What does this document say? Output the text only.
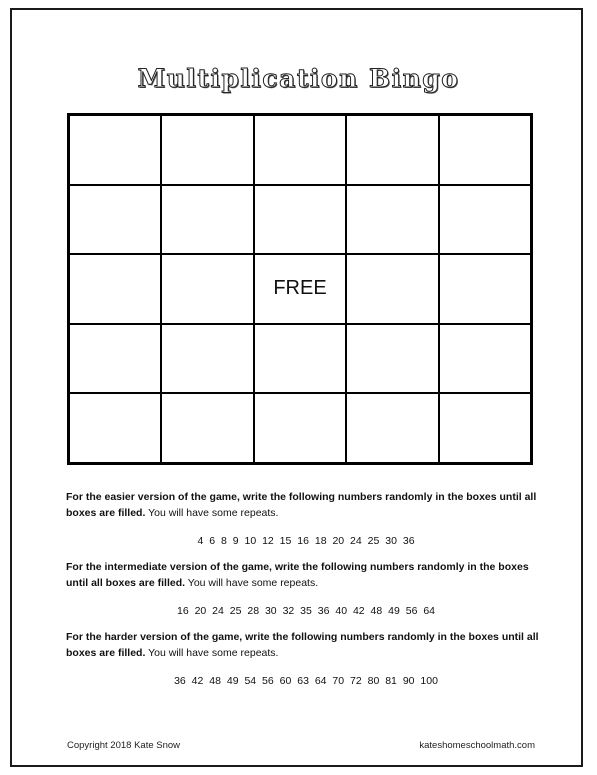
Multiplication Bingo
FREE

For the easier version of the game, write the following numbers randomly in the boxes until all boxes are filled. You will have some repeats.

4 6 8 9 10 12 15 16 18 20 24 25 30 36

For the intermediate version of the game, write the following numbers randomly in the boxes until all boxes are filled. You will have some repeats.

16 20 24 25 28 30 32 35 36 40 42 48 49 56 64

For the harder version of the game, write the following numbers randomly in the boxes until all boxes are filled. You will have some repeats.

36 42 48 49 54 56 60 63 64 70 72 80 81 90 100
Copyright 2018 Kate Snow	kateshomeschoolmath.com
